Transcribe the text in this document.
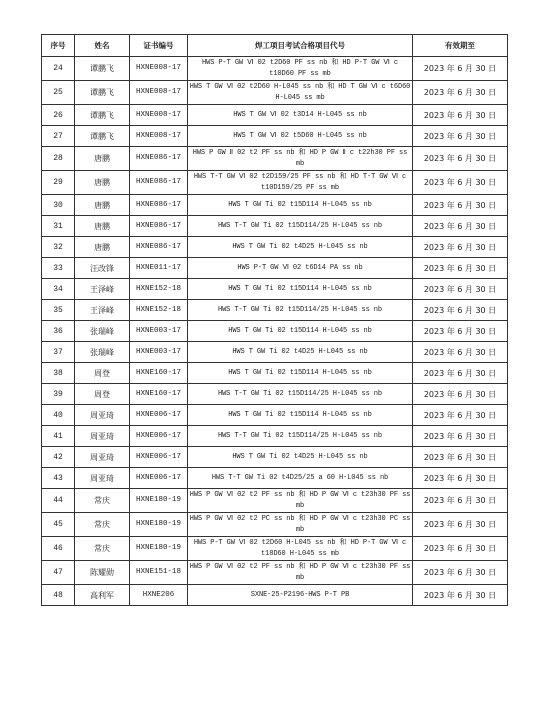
序号	姓名	证书编号	焊工项目考试合格项目代号	有效期至
24	谭鹏飞	HXNE008-17	HWS P-T GW Ⅵ 02 t2D60 PF ss nb 和 HD P-T GW Ⅵ c t10D60 PF ss mb	2023 年 6 月 30 日
25	谭鹏飞	HXNE008-17	HWS T GW Ⅵ 02 t2D60 H-L045 ss nb 和 HD T GW Ⅵ c t6D60 H-L045 ss mb	2023 年 6 月 30 日
26	谭鹏飞	HXNE008-17	HWS T GW Ⅵ 02 t3D14 H-L045 ss nb	2023 年 6 月 30 日
27	谭鹏飞	HXNE008-17	HWS T GW Ⅵ 02 t5D60 H-L045 ss nb	2023 年 6 月 30 日
28	唐鹏	HXNE086-17	HWS P GW Ⅱ 02 t2 PF ss nb 和 HD P GW Ⅱ c t22h30 PF ss mb	2023 年 6 月 30 日
29	唐鹏	HXNE086-17	HWS T-T GW Ⅵ 02 t2D159/25 PF ss nb 和 HD T-T GW Ⅵ c t10D159/25 PF ss mb	2023 年 6 月 30 日
30	唐鹏	HXNE086-17	HWS T GW Ti 02 t15D114 H-L045 ss nb	2023 年 6 月 30 日
31	唐鹏	HXNE086-17	HWS T-T GW Ti 02 t15D114/25 H-L045 ss nb	2023 年 6 月 30 日
32	唐鹏	HXNE086-17	HWS T GW Ti 02 t4D25 H-L045 ss nb	2023 年 6 月 30 日
33	汪改锋	HXNE011-17	HWS P-T GW Ⅵ 02 t6D14 PA ss nb	2023 年 6 月 30 日
34	王泽峰	HXNE152-18	HWS T GW Ti 02 t15D114 H-L045 ss nb	2023 年 6 月 30 日
35	王泽峰	HXNE152-18	HWS T-T GW Ti 02 t15D114/25 H-L045 ss nb	2023 年 6 月 30 日
36	张瑞峰	HXNE003-17	HWS T GW Ti 02 t15D114 H-L045 ss nb	2023 年 6 月 30 日
37	张瑞峰	HXNE003-17	HWS T GW Ti 02 t4D25 H-L045 ss nb	2023 年 6 月 30 日
38	周登	HXNE160-17	HWS T GW Ti 02 t15D114 H-L045 ss nb	2023 年 6 月 30 日
39	周登	HXNE160-17	HWS T-T GW Ti 02 t15D114/25 H-L045 ss nb	2023 年 6 月 30 日
40	周亚琦	HXNE006-17	HWS T GW Ti 02 t15D114 H-L045 ss nb	2023 年 6 月 30 日
41	周亚琦	HXNE006-17	HWS T-T GW Ti 02 t15D114/25 H-L045 ss nb	2023 年 6 月 30 日
42	周亚琦	HXNE006-17	HWS T GW Ti 02 t4D25 H-L045 ss nb	2023 年 6 月 30 日
43	周亚琦	HXNE006-17	HWS T-T GW Ti 02 t4D25/25 a 60 H-L045 ss nb	2023 年 6 月 30 日
44	常庆	HXNE180-19	HWS P GW Ⅵ 02 t2 PF ss nb 和 HD P GW Ⅵ c t23h30 PF ss mb	2023 年 6 月 30 日
45	常庆	HXNE180-19	HWS P GW Ⅵ 02 t2 PC ss nb 和 HD P GW Ⅵ c t23h30 PC ss mb	2023 年 6 月 30 日
46	常庆	HXNE180-19	HWS P-T GW Ⅵ 02 t2D60 H-L045 ss nb 和 HD P-T GW Ⅵ c t18D60 H-L045 ss mb	2023 年 6 月 30 日
47	陈耀勋	HXNE151-18	HWS P GW Ⅵ 02 t2 PF ss nb 和 HD P GW Ⅵ c t23h30 PF ss mb	2023 年 6 月 30 日
48	高利军	HXNE206	SXNE-25-P2196-HWS P-T PB	2023 年 6 月 30 日
